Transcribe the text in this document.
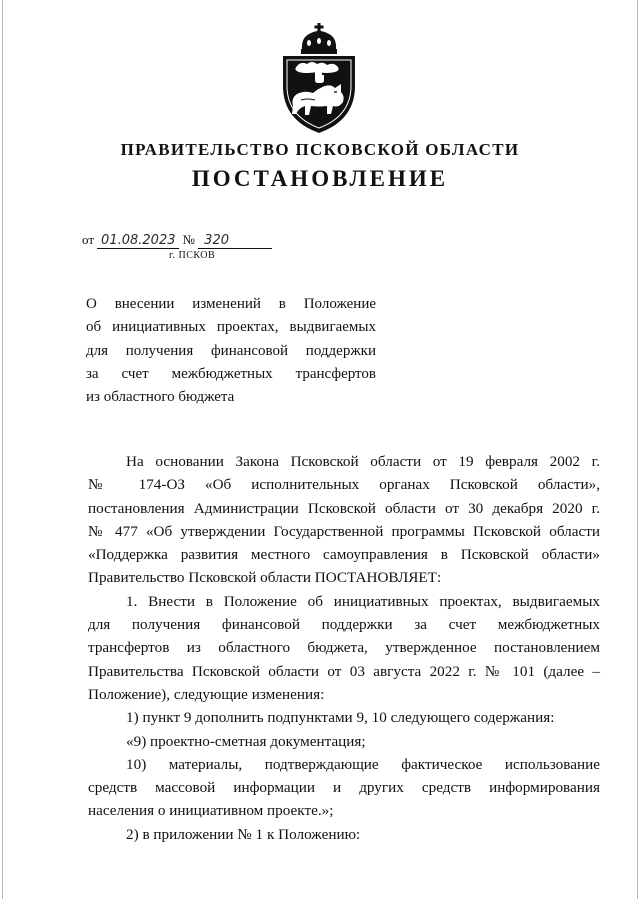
ПРАВИТЕЛЬСТВО ПСКОВСКОЙ ОБЛАСТИ
ПОСТАНОВЛЕНИЕ
от 01.08.2023 № 320
г. ПСКОВ
О внесении изменений в Положение
об инициативных проектах, выдвигаемых
для получения финансовой поддержки
за счет межбюджетных трансфертов
из областного бюджета
На основании Закона Псковской области от 19 февраля 2002 г.
№ 174-ОЗ «Об исполнительных органах Псковской области»,
постановления Администрации Псковской области от 30 декабря 2020 г.
№ 477 «Об утверждении Государственной программы Псковской области
«Поддержка развития местного самоуправления в Псковской области»
Правительство Псковской области ПОСТАНОВЛЯЕТ:
1. Внести в Положение об инициативных проектах, выдвигаемых
для получения финансовой поддержки за счет межбюджетных
трансфертов из областного бюджета, утвержденное постановлением
Правительства Псковской области от 03 августа 2022 г. № 101 (далее –
Положение), следующие изменения:
1) пункт 9 дополнить подпунктами 9, 10 следующего содержания:
«9) проектно-сметная документация;
10) материалы, подтверждающие фактическое использование
средств массовой информации и других средств информирования
населения о инициативном проекте.»;
2) в приложении № 1 к Положению:
